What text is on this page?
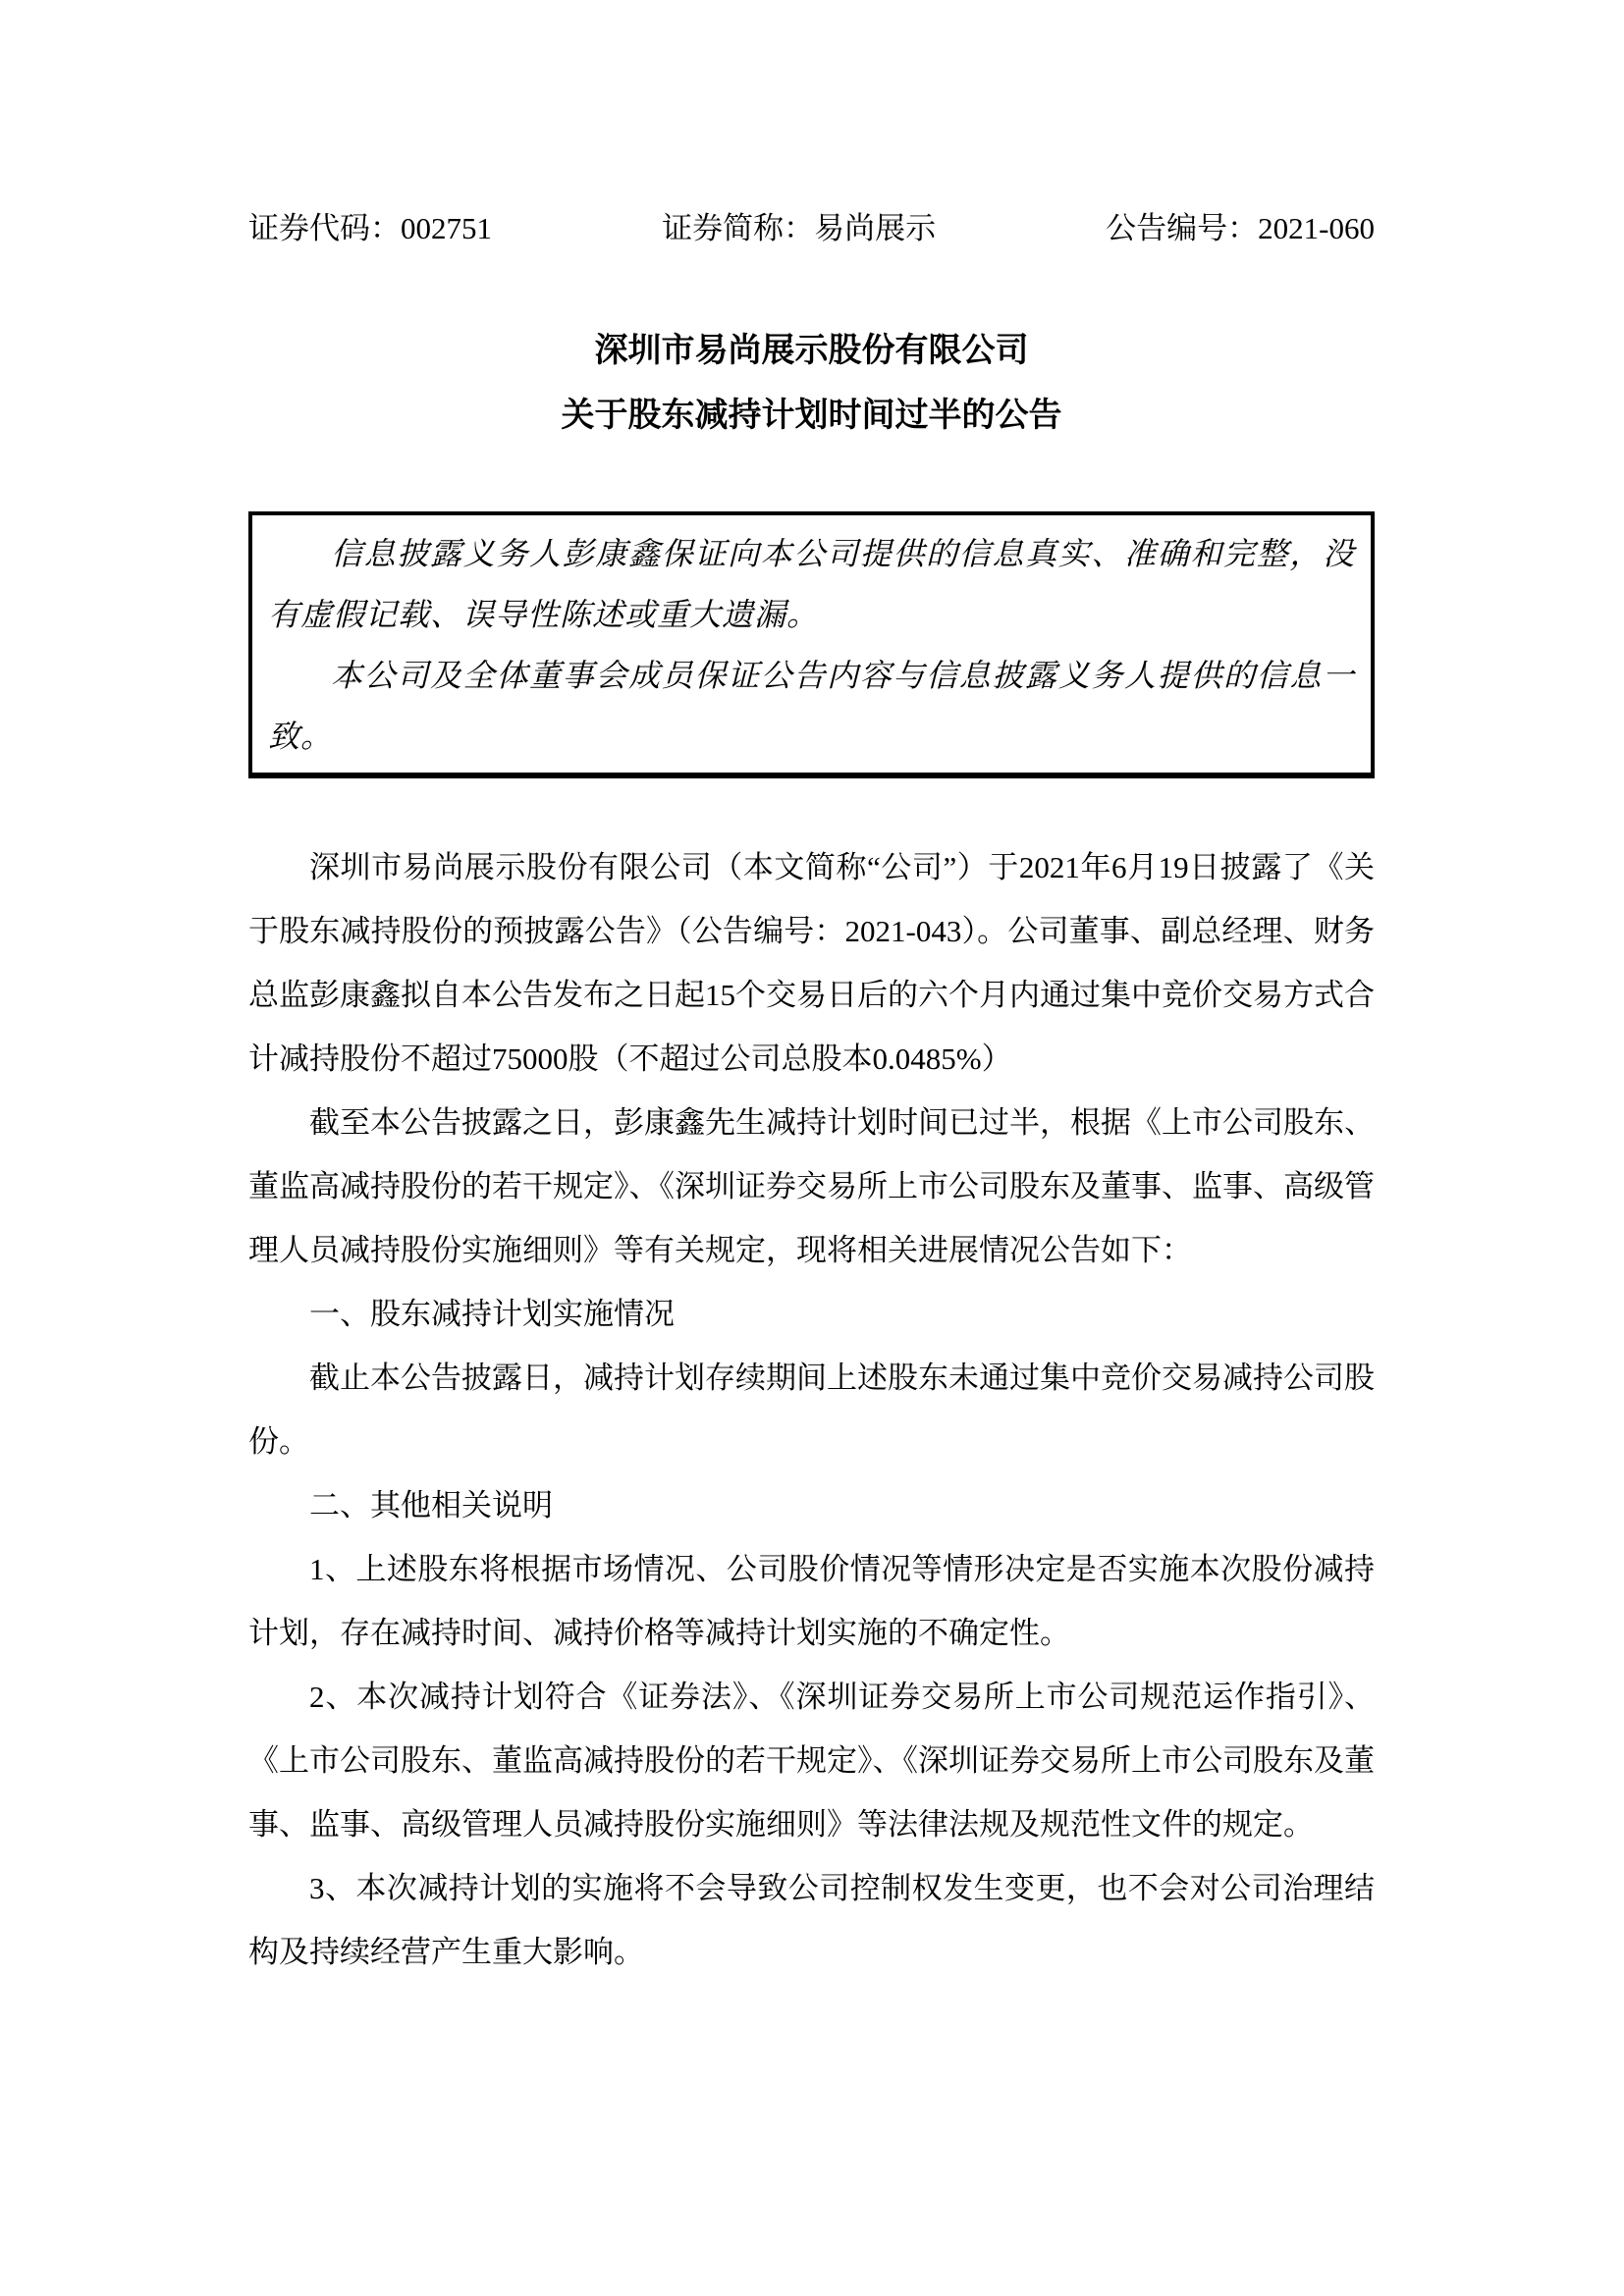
证券代码：002751	证券简称：易尚展示	公告编号：2021-060

深圳市易尚展示股份有限公司

关于股东减持计划时间过半的公告

信息披露义务人彭康鑫保证向本公司提供的信息真实、准确和完整，没有虚假记载、误导性陈述或重大遗漏。

本公司及全体董事会成员保证公告内容与信息披露义务人提供的信息一致。

深圳市易尚展示股份有限公司（本文简称“公司”）于2021年6月19日披露了《关于股东减持股份的预披露公告》（公告编号：2021-043）。公司董事、副总经理、财务总监彭康鑫拟自本公告发布之日起15个交易日后的六个月内通过集中竞价交易方式合计减持股份不超过75000股（不超过公司总股本0.0485%）

截至本公告披露之日，彭康鑫先生减持计划时间已过半，根据《上市公司股东、董监高减持股份的若干规定》、《深圳证券交易所上市公司股东及董事、监事、高级管理人员减持股份实施细则》等有关规定，现将相关进展情况公告如下：

一、股东减持计划实施情况

截止本公告披露日，减持计划存续期间上述股东未通过集中竞价交易减持公司股份。

二、其他相关说明

1、上述股东将根据市场情况、公司股价情况等情形决定是否实施本次股份减持计划，存在减持时间、减持价格等减持计划实施的不确定性。

2、本次减持计划符合《证券法》、《深圳证券交易所上市公司规范运作指引》、《上市公司股东、董监高减持股份的若干规定》、《深圳证券交易所上市公司股东及董事、监事、高级管理人员减持股份实施细则》等法律法规及规范性文件的规定。

3、本次减持计划的实施将不会导致公司控制权发生变更，也不会对公司治理结构及持续经营产生重大影响。
